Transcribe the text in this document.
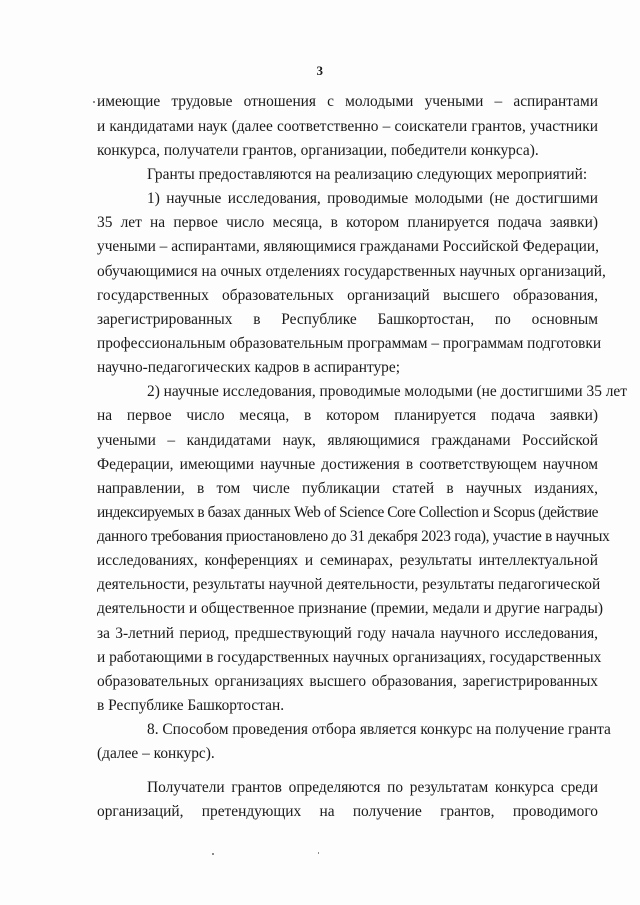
3
имеющие трудовые отношения с молодыми учеными – аспирантами
и кандидатами наук (далее соответственно – соискатели грантов, участники
конкурса, получатели грантов, организации, победители конкурса).
Гранты предоставляются на реализацию следующих мероприятий:
1) научные исследования, проводимые молодыми (не достигшими
35 лет на первое число месяца, в котором планируется подача заявки)
учеными – аспирантами, являющимися гражданами Российской Федерации,
обучающимися на очных отделениях государственных научных организаций,
государственных образовательных организаций высшего образования,
зарегистрированных в Республике Башкортостан, по основным
профессиональным образовательным программам – программам подготовки
научно-педагогических кадров в аспирантуре;
2) научные исследования, проводимые молодыми (не достигшими 35 лет
на первое число месяца, в котором планируется подача заявки)
учеными – кандидатами наук, являющимися гражданами Российской
Федерации, имеющими научные достижения в соответствующем научном
направлении, в том числе публикации статей в научных изданиях,
индексируемых в базах данных Web of Science Core Collection и Scopus (действие
данного требования приостановлено до 31 декабря 2023 года), участие в научных
исследованиях, конференциях и семинарах, результаты интеллектуальной
деятельности, результаты научной деятельности, результаты педагогической
деятельности и общественное признание (премии, медали и другие награды)
за 3-летний период, предшествующий году начала научного исследования,
и работающими в государственных научных организациях, государственных
образовательных организациях высшего образования, зарегистрированных
в Республике Башкортостан.
8. Способом проведения отбора является конкурс на получение гранта
(далее – конкурс).
Получатели грантов определяются по результатам конкурса среди
организаций, претендующих на получение грантов, проводимого
